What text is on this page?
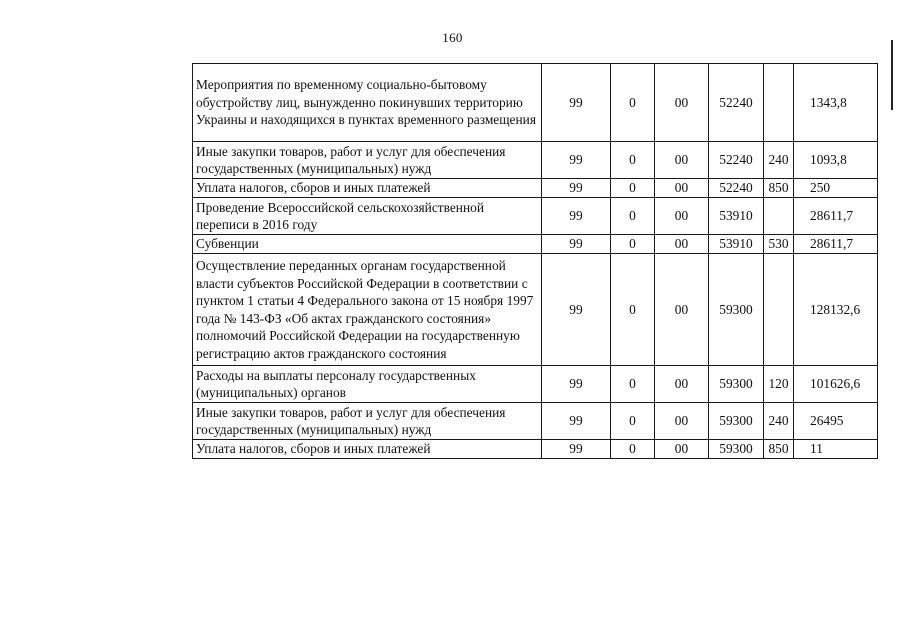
160
Мероприятия по временному социально-бытовому обустройству лиц, вынужденно покинувших территорию Украины и находящихся в пунктах временного размещения	99	0	00	52240		1343,8
Иные закупки товаров, работ и услуг для обеспечения государственных (муниципальных) нужд	99	0	00	52240	240	1093,8
Уплата налогов, сборов и иных платежей	99	0	00	52240	850	250
Проведение Всероссийской сельскохозяйственной переписи в 2016 году	99	0	00	53910		28611,7
Субвенции	99	0	00	53910	530	28611,7
Осуществление переданных органам государственной власти субъектов Российской Федерации в соответствии с пунктом 1 статьи 4 Федерального закона от 15 ноября 1997 года № 143-ФЗ «Об актах гражданского состояния» полномочий Российской Федерации на государственную регистрацию актов гражданского состояния	99	0	00	59300		128132,6
Расходы на выплаты персоналу государственных (муниципальных) органов	99	0	00	59300	120	101626,6
Иные закупки товаров, работ и услуг для обеспечения государственных (муниципальных) нужд	99	0	00	59300	240	26495
Уплата налогов, сборов и иных платежей	99	0	00	59300	850	11
